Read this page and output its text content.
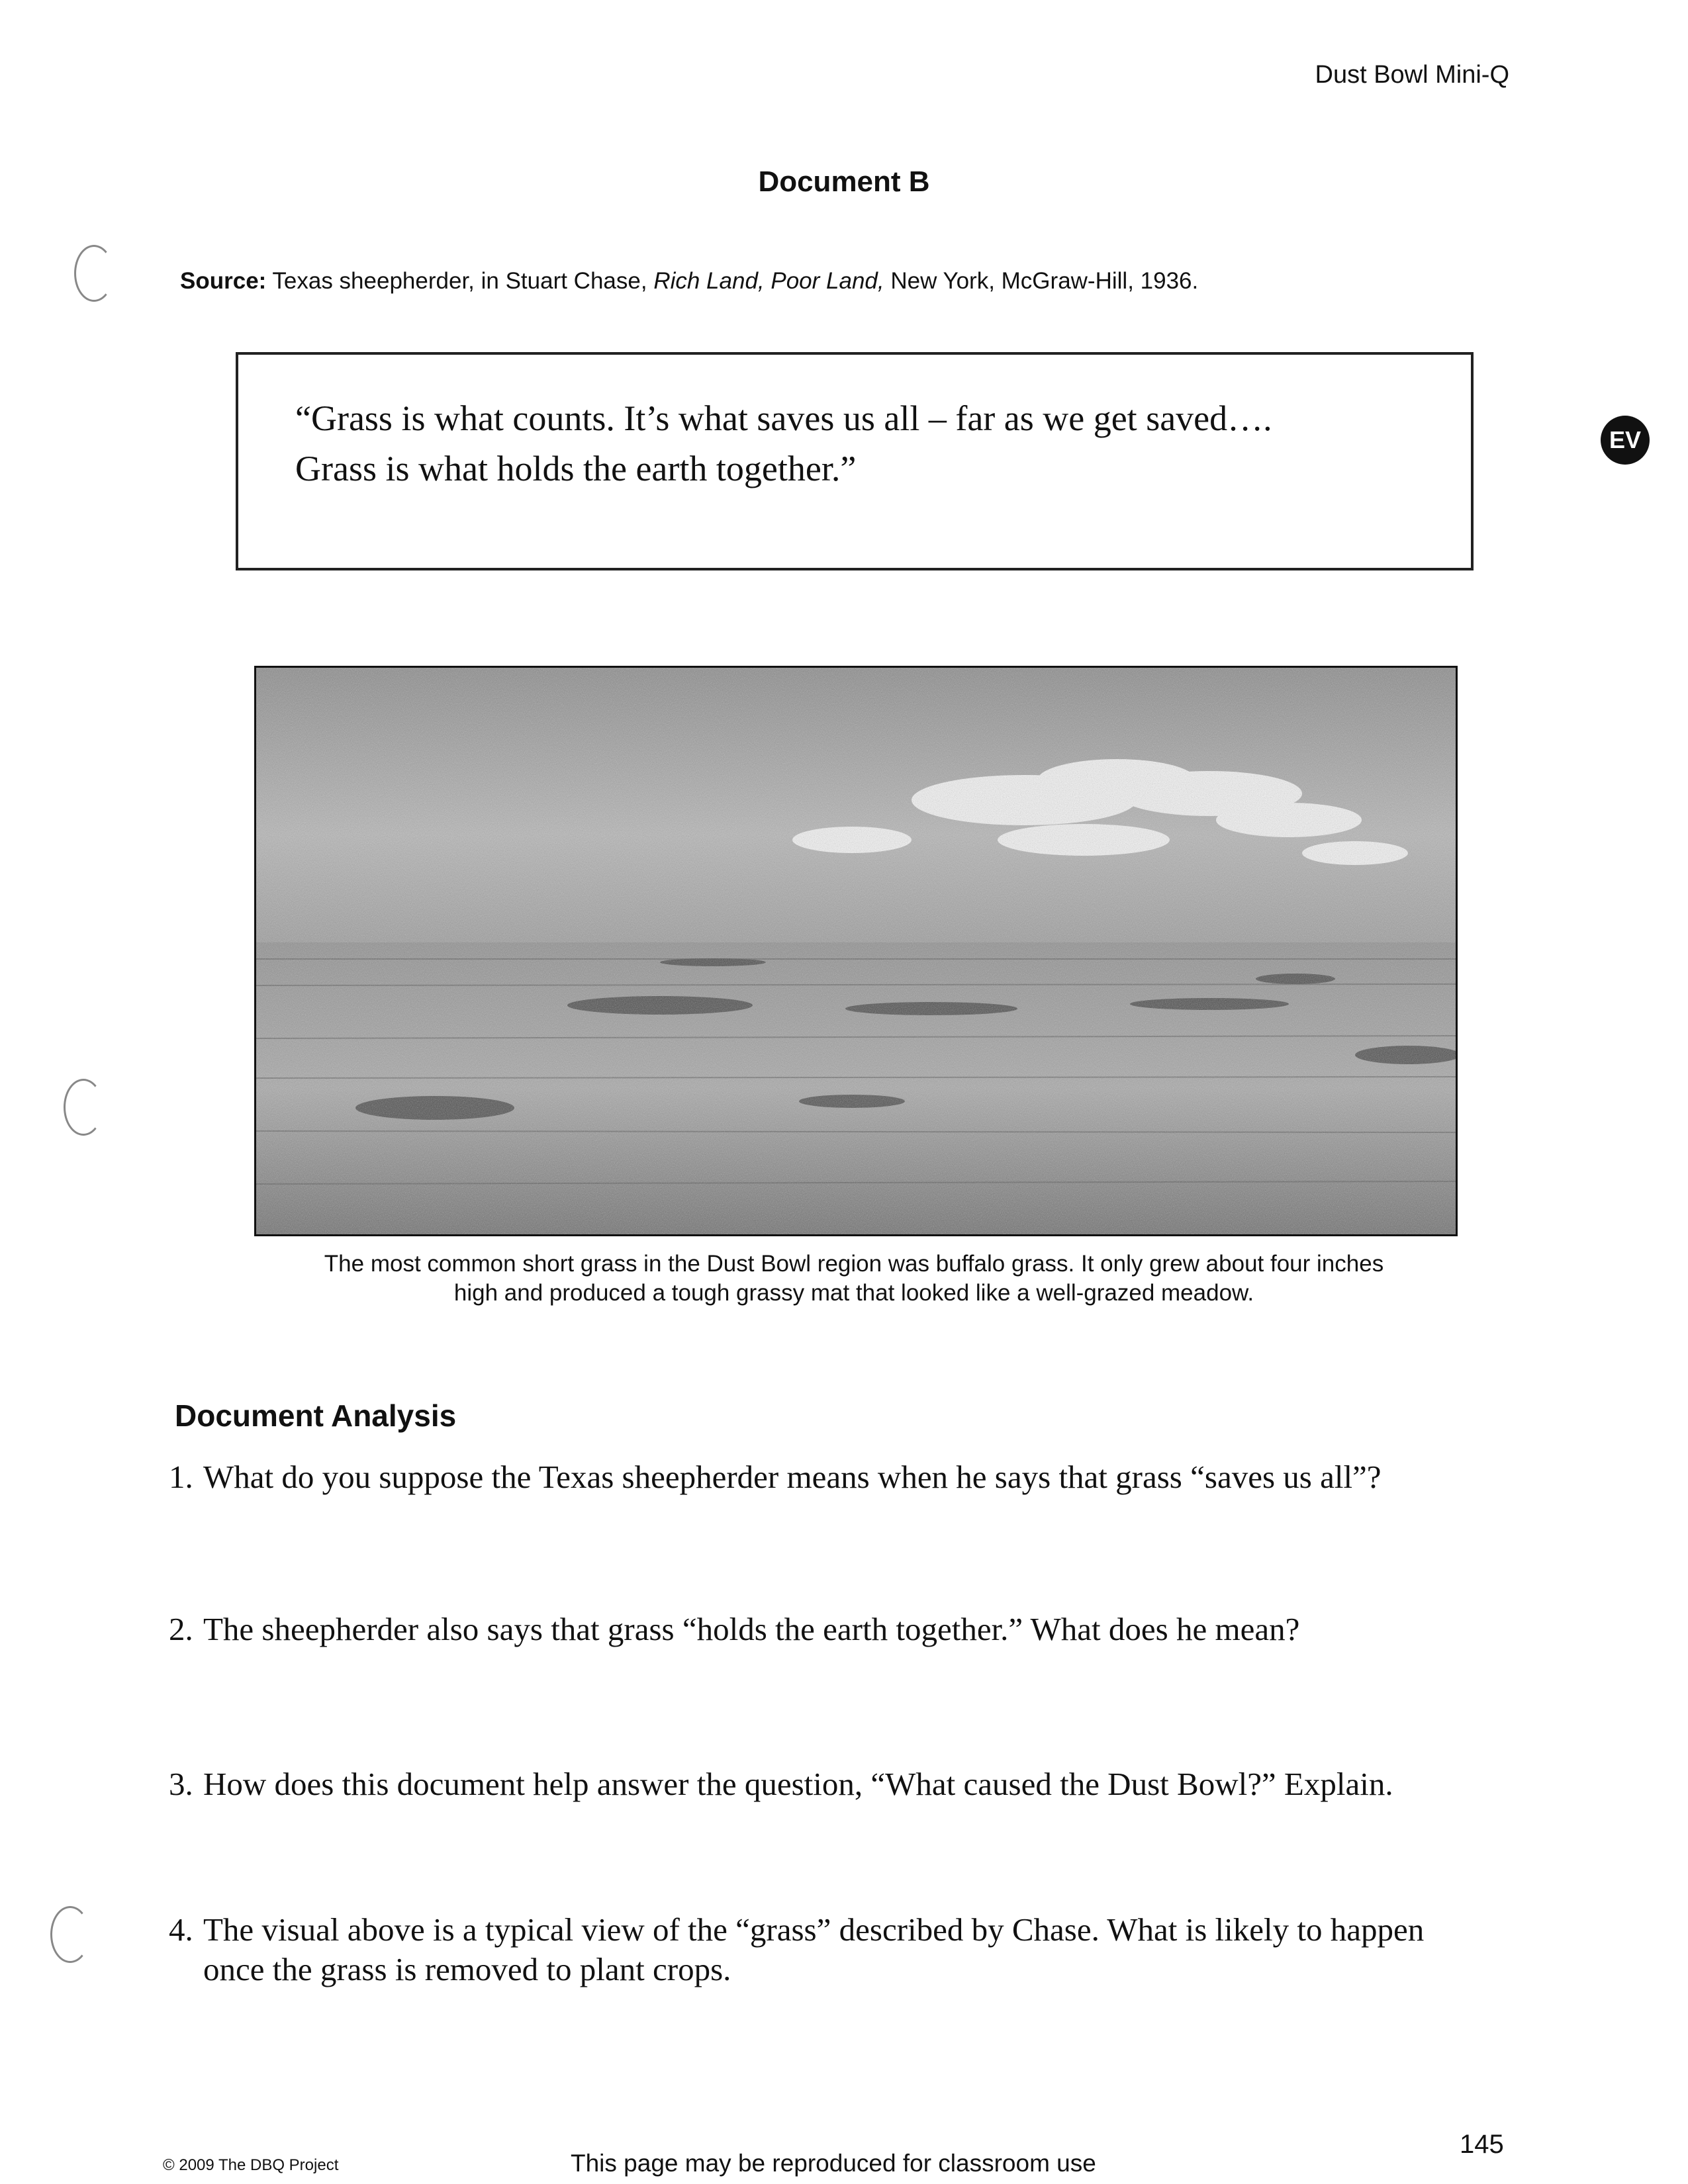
Dust Bowl Mini-Q
Document B
Source: Texas sheepherder, in Stuart Chase, Rich Land, Poor Land, New York, McGraw-Hill, 1936.
“Grass is what counts. It’s what saves us all – far as we get saved….
Grass is what holds the earth together.”
EV
The most common short grass in the Dust Bowl region was buffalo grass. It only grew about four inches
high and produced a tough grassy mat that looked like a well-grazed meadow.
Document Analysis
1. What do you suppose the Texas sheepherder means when he says that grass “saves us all”?
2. The sheepherder also says that grass “holds the earth together.” What does he mean?
3. How does this document help answer the question, “What caused the Dust Bowl?” Explain.
4. The visual above is a typical view of the “grass” described by Chase. What is likely to happen
once the grass is removed to plant crops.
© 2009 The DBQ Project	This page may be reproduced for classroom use
145
